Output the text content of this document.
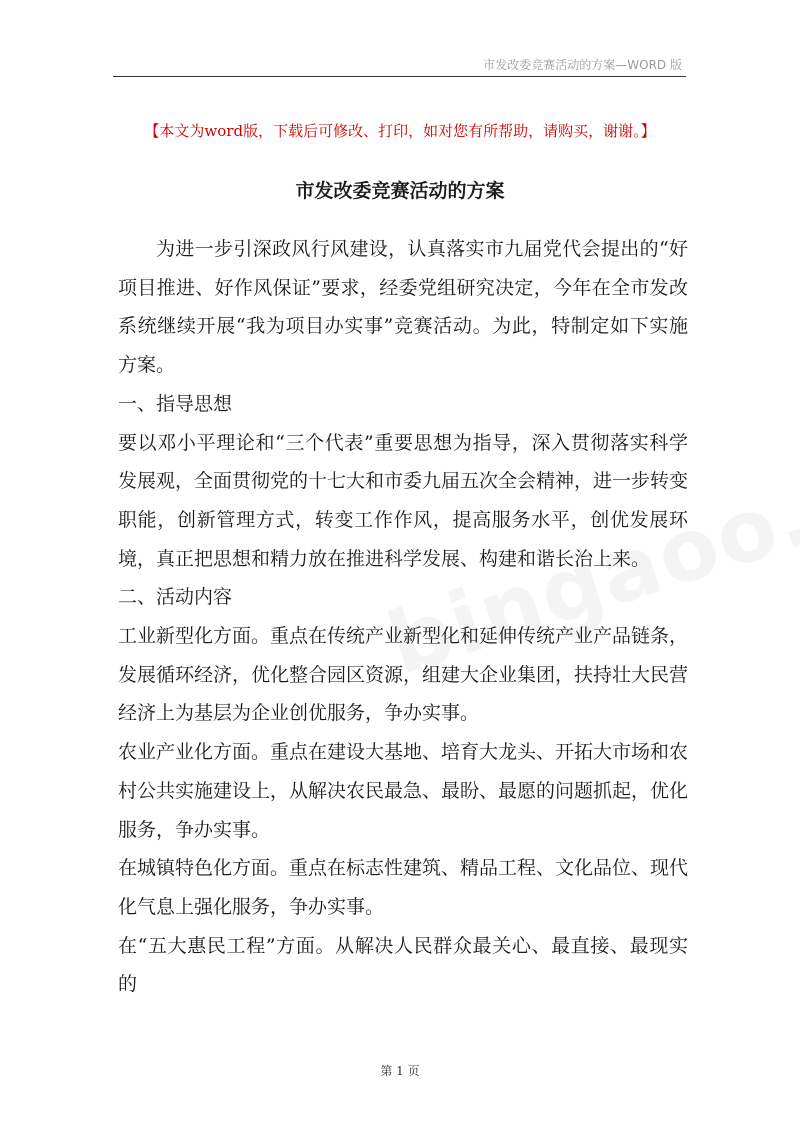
市发改委竞赛活动的方案—WORD 版
【本文为word版，下载后可修改、打印，如对您有所帮助，请购买，谢谢。】
市发改委竞赛活动的方案

为进一步引深政风行风建设，认真落实市九届党代会提出的“好项目推进、好作风保证”要求，经委党组研究决定，今年在全市发改系统继续开展“我为项目办实事”竞赛活动。为此，特制定如下实施方案。

一、指导思想

要以邓小平理论和“三个代表”重要思想为指导，深入贯彻落实科学发展观，全面贯彻党的十七大和市委九届五次全会精神，进一步转变职能，创新管理方式，转变工作作风，提高服务水平，创优发展环境，真正把思想和精力放在推进科学发展、构建和谐长治上来。

二、活动内容

工业新型化方面。重点在传统产业新型化和延伸传统产业产品链条，发展循环经济，优化整合园区资源，组建大企业集团，扶持壮大民营经济上为基层为企业创优服务，争办实事。

农业产业化方面。重点在建设大基地、培育大龙头、开拓大市场和农村公共实施建设上，从解决农民最急、最盼、最愿的问题抓起，优化服务，争办实事。

在城镇特色化方面。重点在标志性建筑、精品工程、文化品位、现代化气息上强化服务，争办实事。

在“五大惠民工程”方面。从解决人民群众最关心、最直接、最现实的

第 1 页
